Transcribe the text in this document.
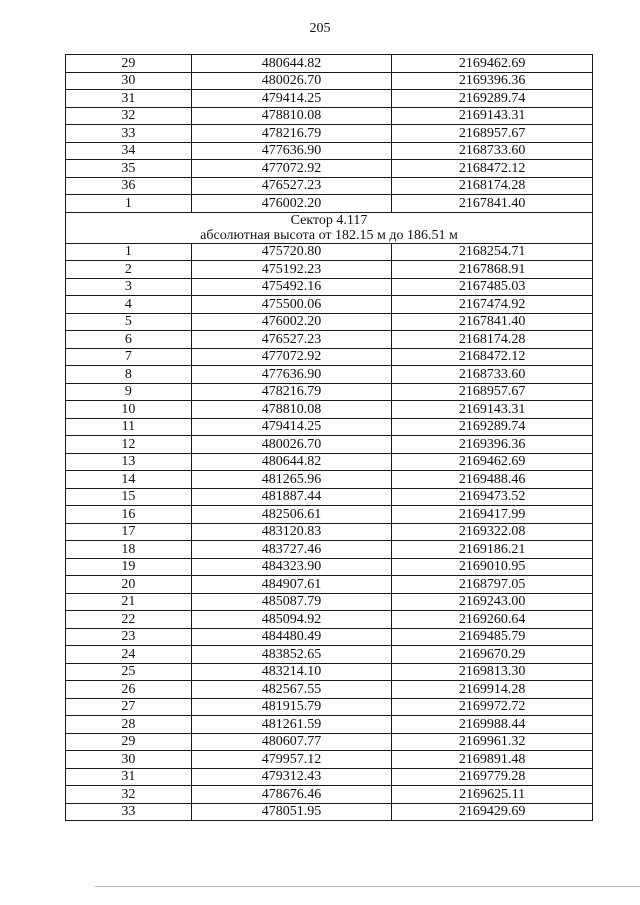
205
29	480644.82	2169462.69
30	480026.70	2169396.36
31	479414.25	2169289.74
32	478810.08	2169143.31
33	478216.79	2168957.67
34	477636.90	2168733.60
35	477072.92	2168472.12
36	476527.23	2168174.28
1	476002.20	2167841.40

Сектор 4.117
абсолютная высота от 182.15 м до 186.51 м		

1	475720.80	2168254.71
2	475192.23	2167868.91
3	475492.16	2167485.03
4	475500.06	2167474.92
5	476002.20	2167841.40
6	476527.23	2168174.28
7	477072.92	2168472.12
8	477636.90	2168733.60
9	478216.79	2168957.67
10	478810.08	2169143.31
11	479414.25	2169289.74
12	480026.70	2169396.36
13	480644.82	2169462.69
14	481265.96	2169488.46
15	481887.44	2169473.52
16	482506.61	2169417.99
17	483120.83	2169322.08
18	483727.46	2169186.21
19	484323.90	2169010.95
20	484907.61	2168797.05
21	485087.79	2169243.00
22	485094.92	2169260.64
23	484480.49	2169485.79
24	483852.65	2169670.29
25	483214.10	2169813.30
26	482567.55	2169914.28
27	481915.79	2169972.72
28	481261.59	2169988.44
29	480607.77	2169961.32
30	479957.12	2169891.48
31	479312.43	2169779.28
32	478676.46	2169625.11
33	478051.95	2169429.69
